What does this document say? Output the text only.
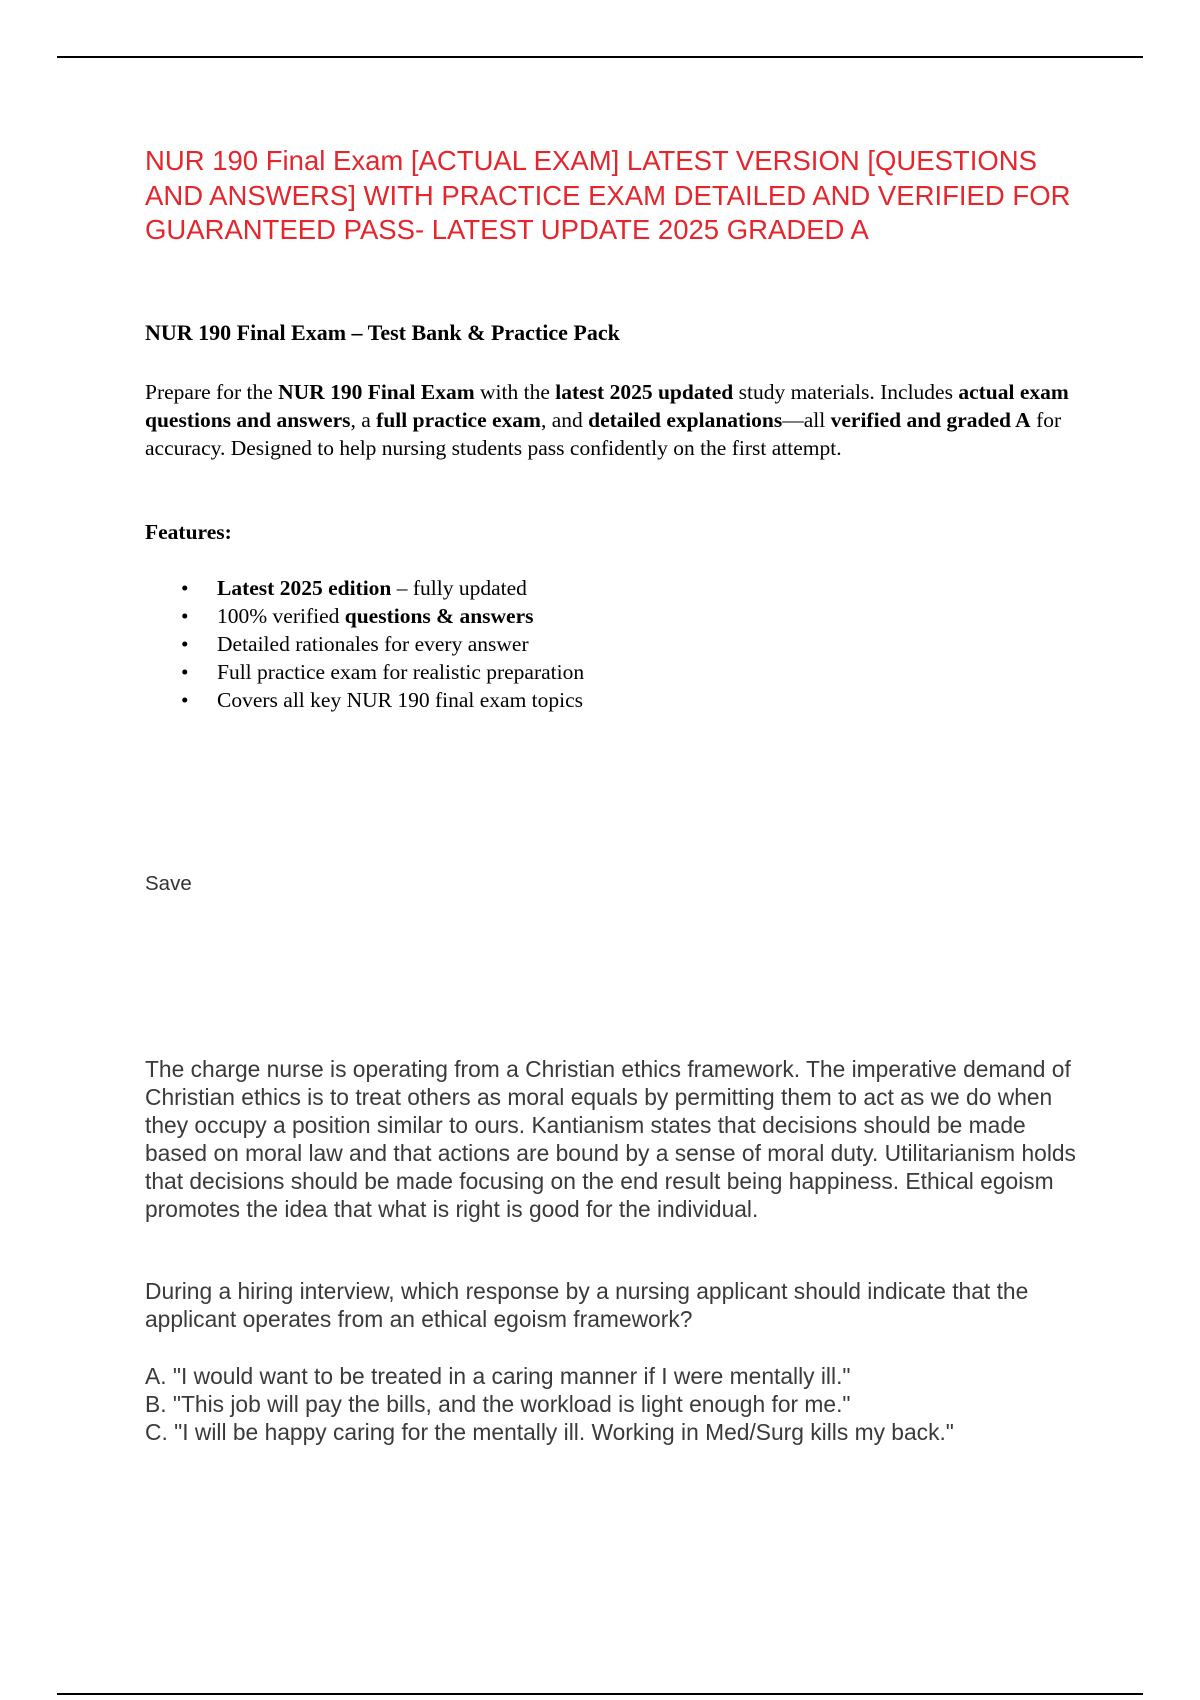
NUR 190 Final Exam [ACTUAL EXAM] LATEST VERSION [QUESTIONS AND ANSWERS] WITH PRACTICE EXAM DETAILED AND VERIFIED FOR GUARANTEED PASS- LATEST UPDATE 2025 GRADED A
NUR 190 Final Exam – Test Bank & Practice Pack

Prepare for the NUR 190 Final Exam with the latest 2025 updated study materials. Includes actual exam questions and answers, a full practice exam, and detailed explanations—all verified and graded A for accuracy. Designed to help nursing students pass confidently on the first attempt.

Features:

• Latest 2025 edition – fully updated
• 100% verified questions & answers
• Detailed rationales for every answer
• Full practice exam for realistic preparation
• Covers all key NUR 190 final exam topics

Save

The charge nurse is operating from a Christian ethics framework. The imperative demand of Christian ethics is to treat others as moral equals by permitting them to act as we do when they occupy a position similar to ours. Kantianism states that decisions should be made based on moral law and that actions are bound by a sense of moral duty. Utilitarianism holds that decisions should be made focusing on the end result being happiness. Ethical egoism promotes the idea that what is right is good for the individual.

During a hiring interview, which response by a nursing applicant should indicate that the applicant operates from an ethical egoism framework?

A. "I would want to be treated in a caring manner if I were mentally ill."
B. "This job will pay the bills, and the workload is light enough for me."
C. "I will be happy caring for the mentally ill. Working in Med/Surg kills my back."
